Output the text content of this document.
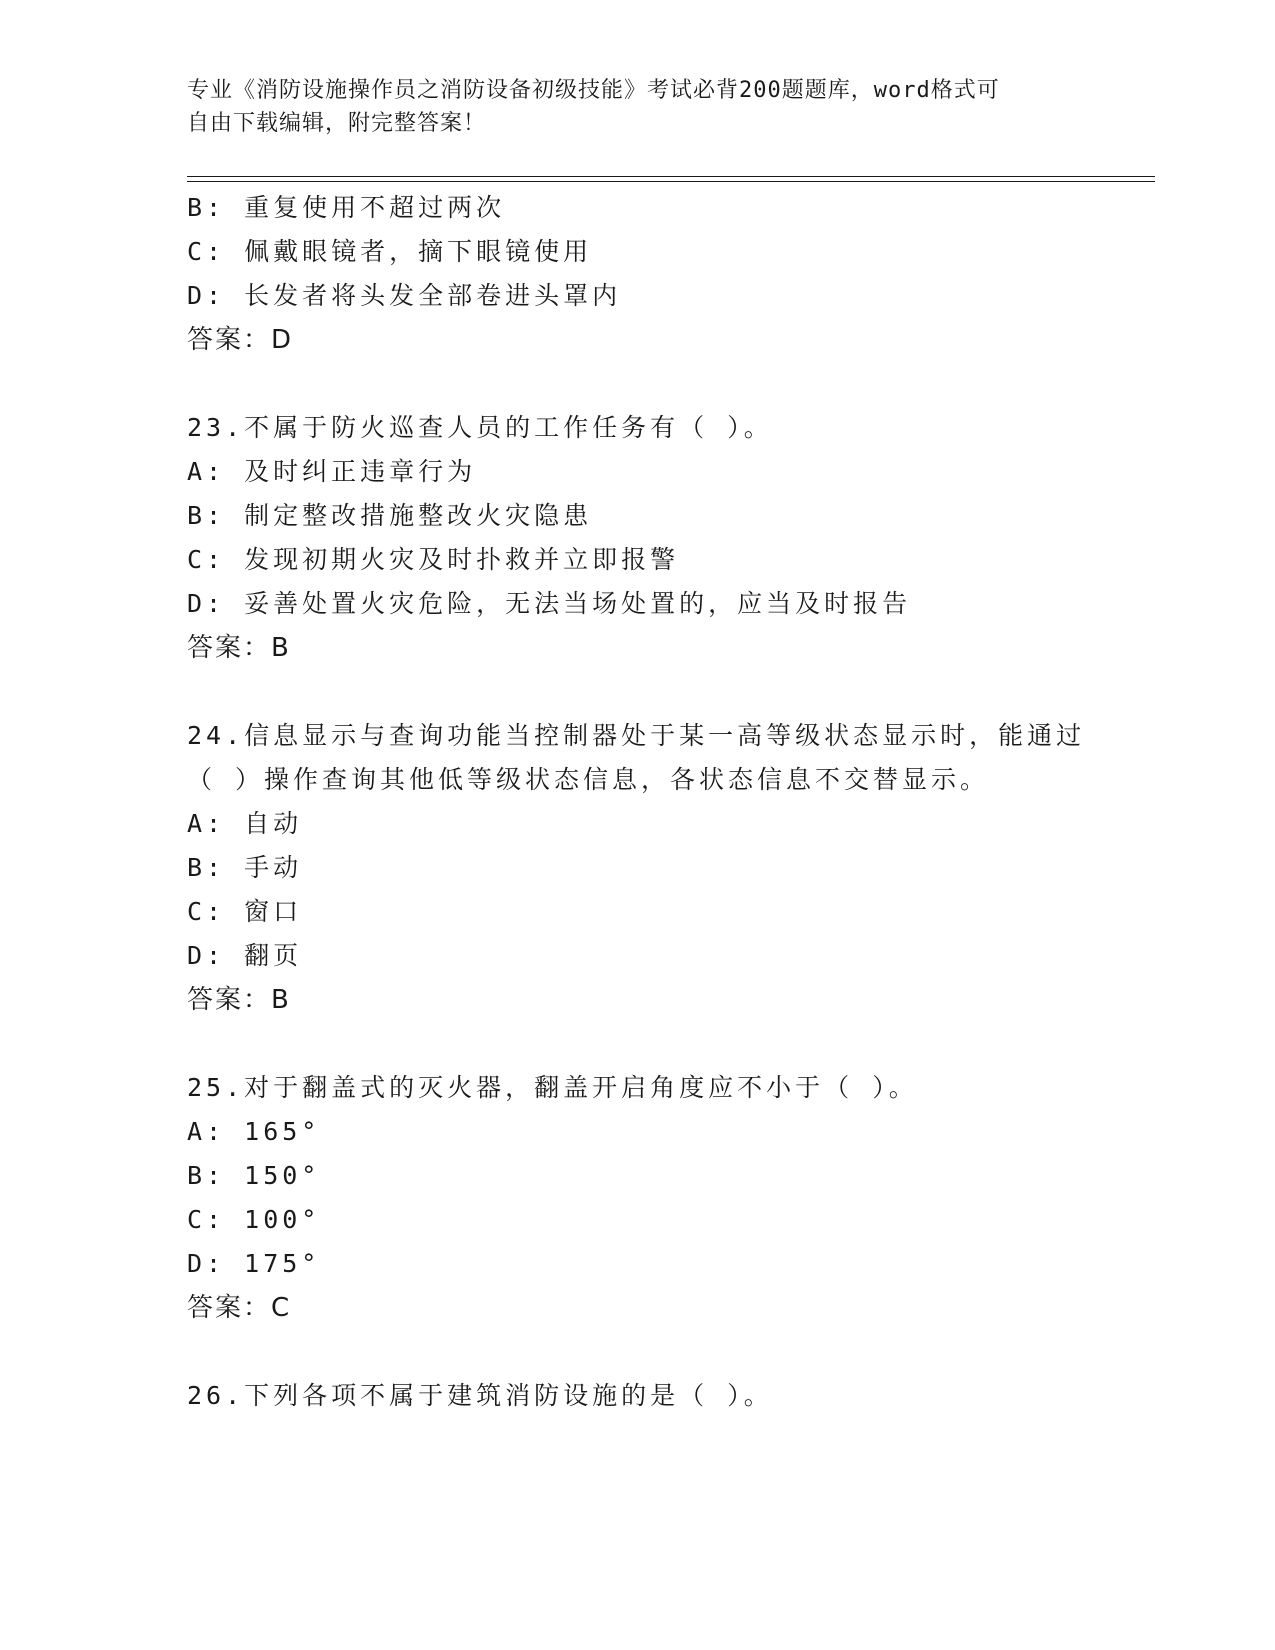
专业《消防设施操作员之消防设备初级技能》考试必背200题题库，word格式可
自由下载编辑，附完整答案！
B: 重复使用不超过两次
C: 佩戴眼镜者，摘下眼镜使用
D: 长发者将头发全部卷进头罩内
答案：D
23.不属于防火巡查人员的工作任务有（ ）。
A: 及时纠正违章行为
B: 制定整改措施整改火灾隐患
C: 发现初期火灾及时扑救并立即报警
D: 妥善处置火灾危险，无法当场处置的，应当及时报告
答案：B
24.信息显示与查询功能当控制器处于某一高等级状态显示时，能通过
（ ）操作查询其他低等级状态信息，各状态信息不交替显示。
A: 自动
B: 手动
C: 窗口
D: 翻页
答案：B
25.对于翻盖式的灭火器，翻盖开启角度应不小于（ ）。
A: 165°
B: 150°
C: 100°
D: 175°
答案：C
26.下列各项不属于建筑消防设施的是（ ）。
